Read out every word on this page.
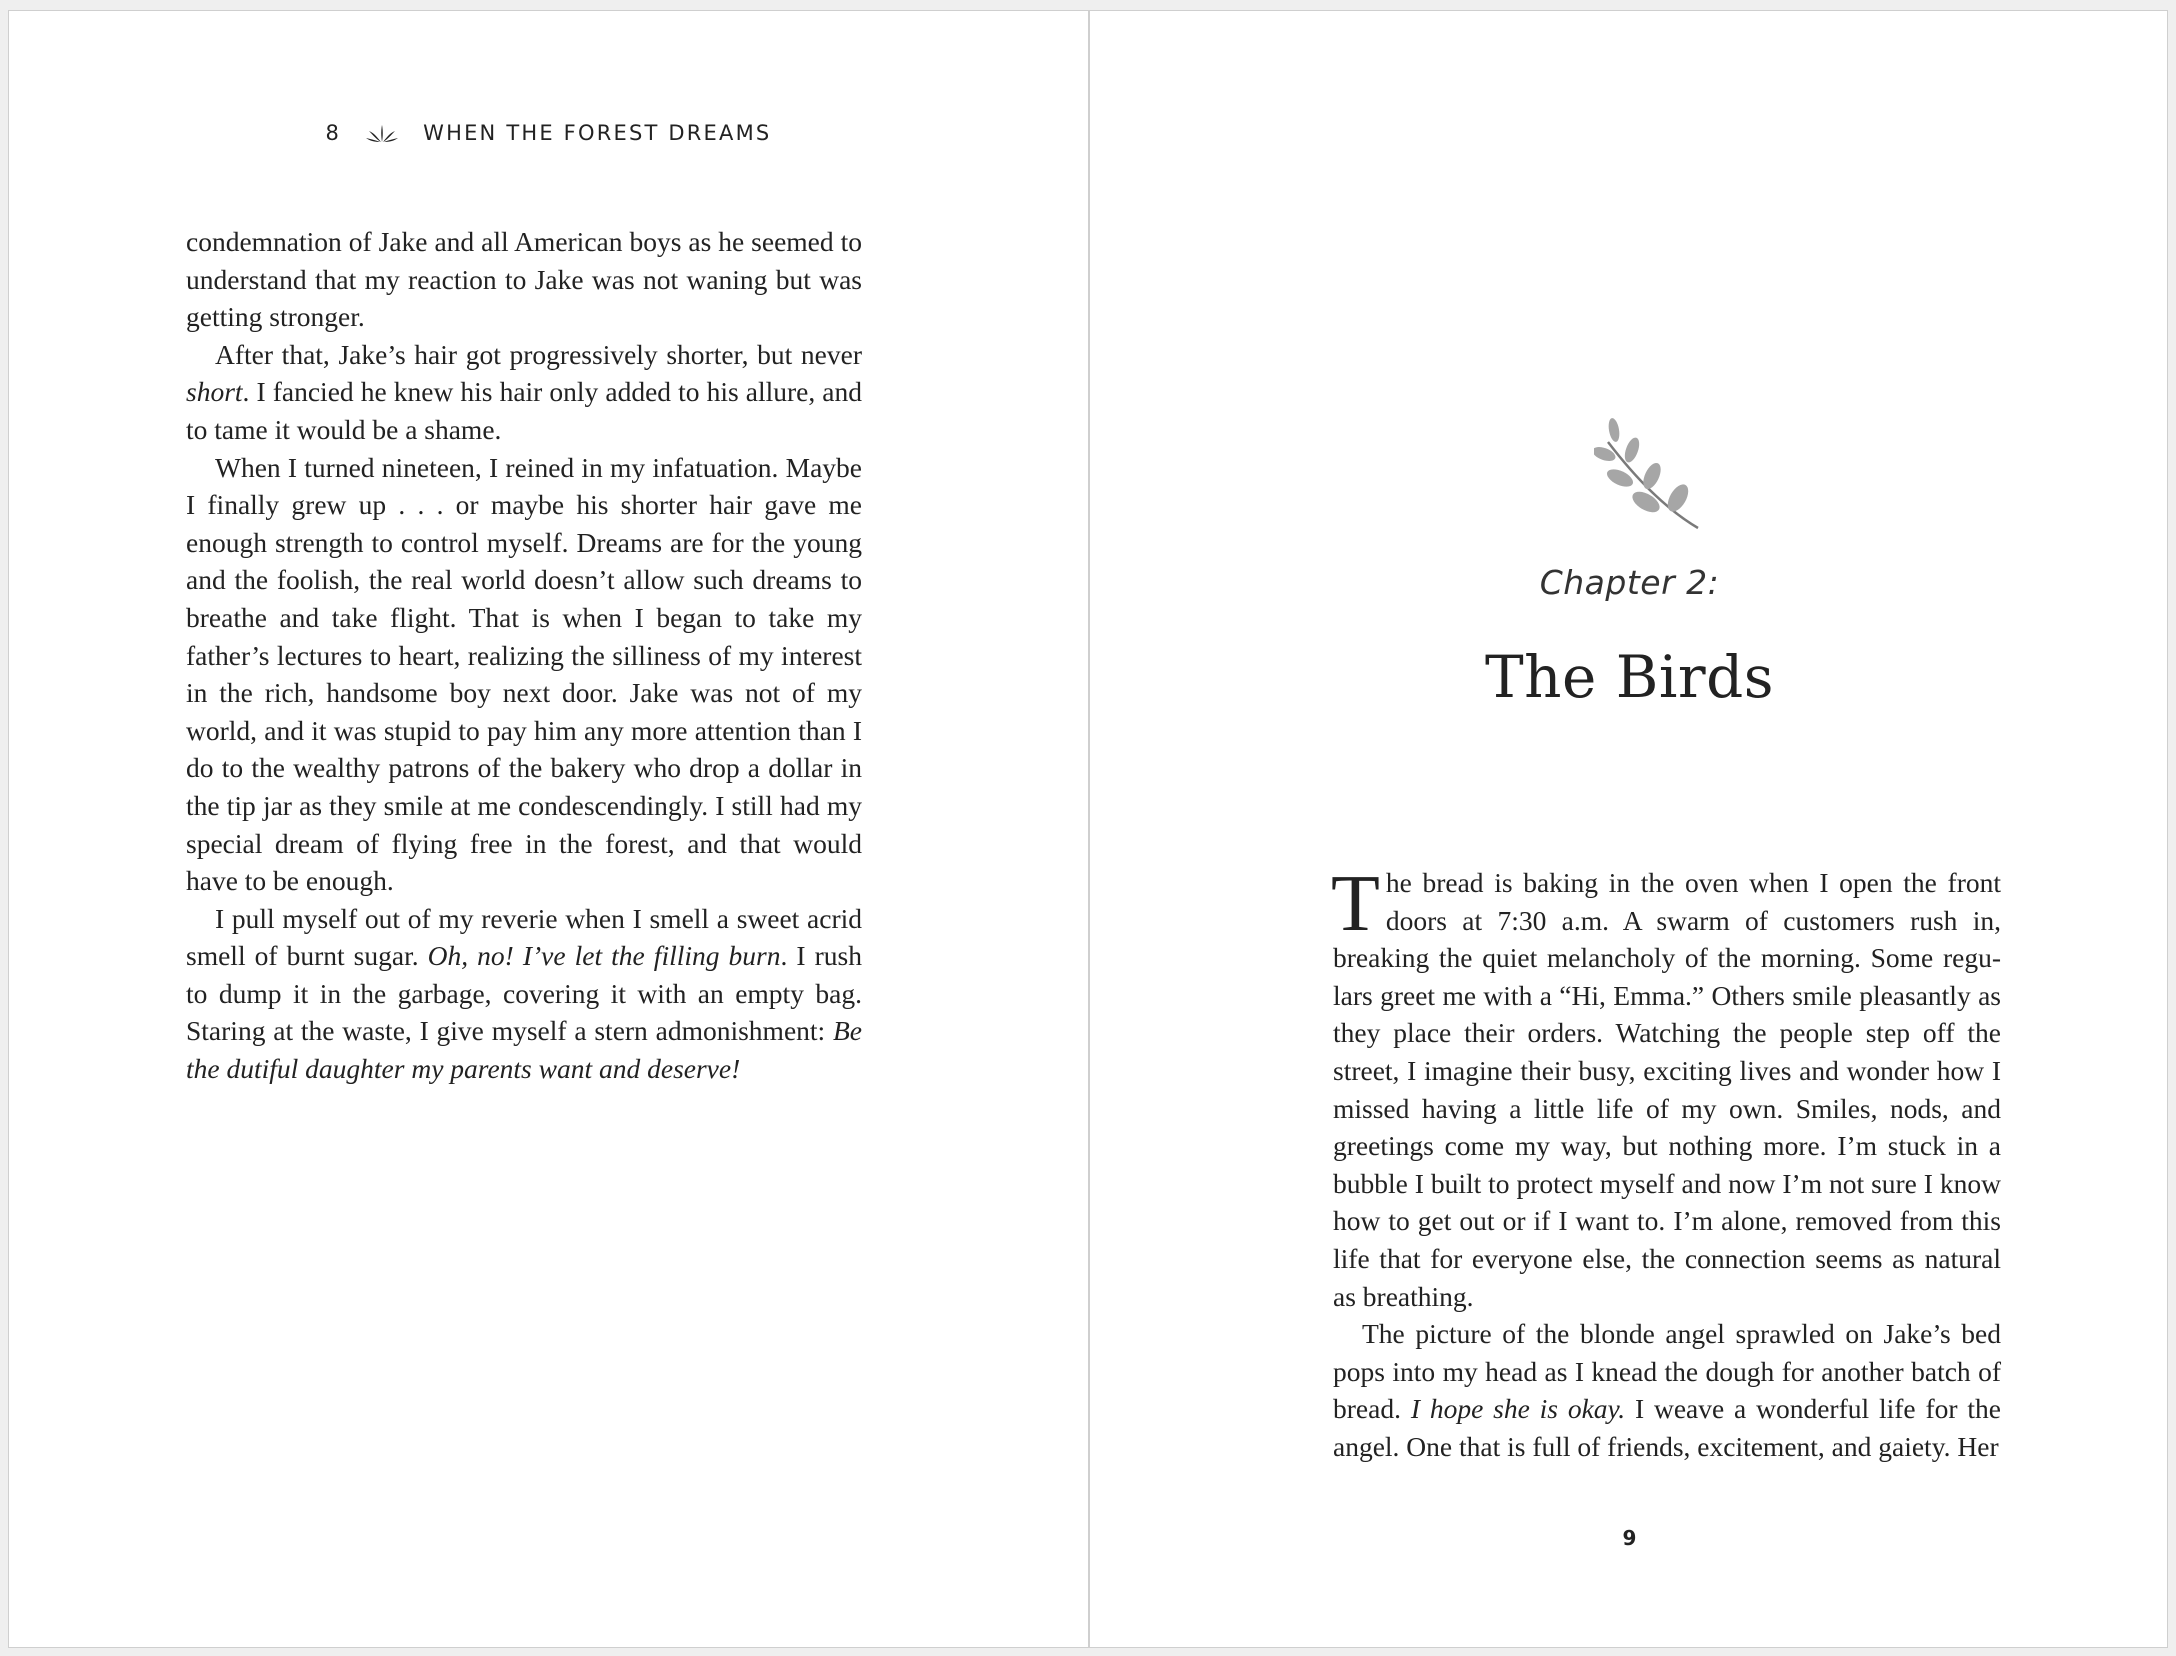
8	WHEN THE FOREST DREAMS

condemnation of Jake and all American boys as he seemed to understand that my reaction to Jake was not waning but was getting stronger.

After that, Jake’s hair got progressively shorter, but never short. I fancied he knew his hair only added to his allure, and to tame it would be a shame.

When I turned nineteen, I reined in my infatuation. Maybe I finally grew up . . . or maybe his shorter hair gave me enough strength to control myself. Dreams are for the young and the foolish, the real world doesn’t allow such dreams to breathe and take flight. That is when I began to take my father’s lectures to heart, realizing the silliness of my interest in the rich, handsome boy next door. Jake was not of my world, and it was stupid to pay him any more attention than I do to the wealthy patrons of the bakery who drop a dollar in the tip jar as they smile at me condescendingly. I still had my special dream of flying free in the forest, and that would have to be enough.

I pull myself out of my reverie when I smell a sweet acrid smell of burnt sugar. Oh, no! I’ve let the filling burn. I rush to dump it in the garbage, covering it with an empty bag. Staring at the waste, I give myself a stern admonishment: Be the dutiful daughter my parents want and deserve!

Chapter 2:
The Birds

The bread is baking in the oven when I open the front doors at 7:30 a.m. A swarm of customers rush in, breaking the quiet melancholy of the morning. Some regulars greet me with a “Hi, Emma.” Others smile pleasantly as they place their orders. Watching the people step off the street, I imagine their busy, exciting lives and wonder how I missed having a little life of my own. Smiles, nods, and greetings come my way, but nothing more. I’m stuck in a bubble I built to protect myself and now I’m not sure I know how to get out or if I want to. I’m alone, removed from this life that for everyone else, the connection seems as natural as breathing.

The picture of the blonde angel sprawled on Jake’s bed pops into my head as I knead the dough for another batch of bread. I hope she is okay. I weave a wonderful life for the angel. One that is full of friends, excitement, and gaiety. Her

9
